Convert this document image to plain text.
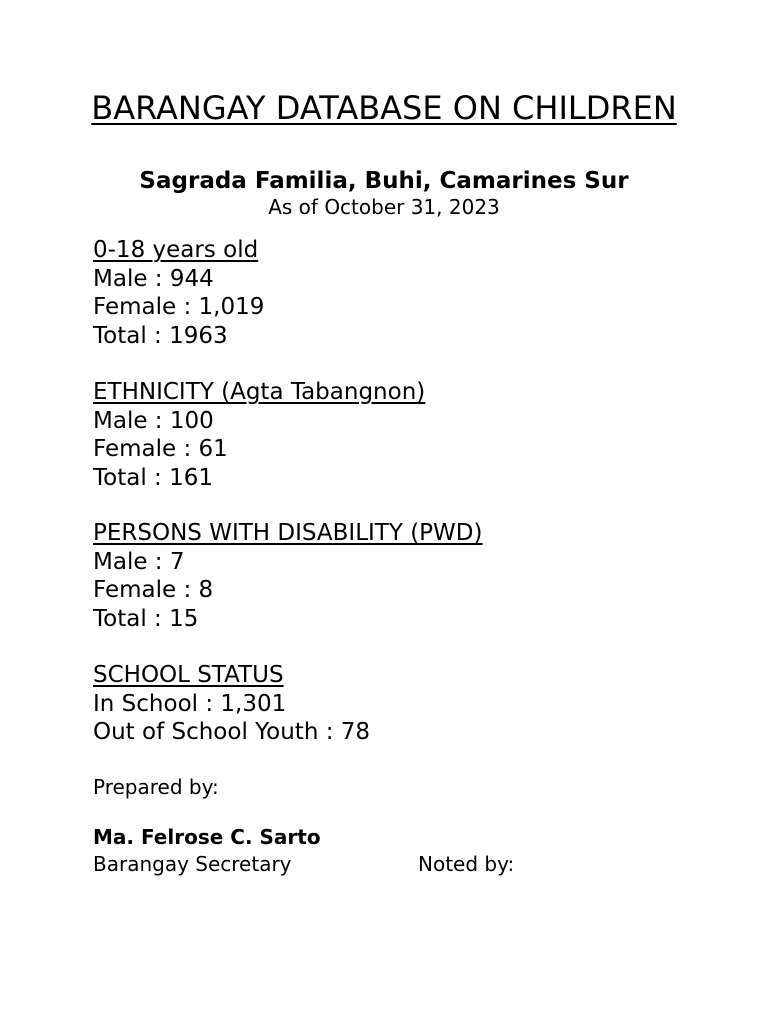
BARANGAY DATABASE ON CHILDREN
Sagrada Familia, Buhi, Camarines Sur
As of October 31, 2023
0-18 years old
Male : 944
Female : 1,019
Total : 1963
ETHNICITY (Agta Tabangnon)
Male : 100
Female : 61
Total : 161
PERSONS WITH DISABILITY (PWD)
Male : 7
Female : 8
Total : 15
SCHOOL STATUS
In School : 1,301
Out of School Youth : 78
Prepared by:
Ma. Felrose C. Sarto
Barangay Secretary	Noted by:
